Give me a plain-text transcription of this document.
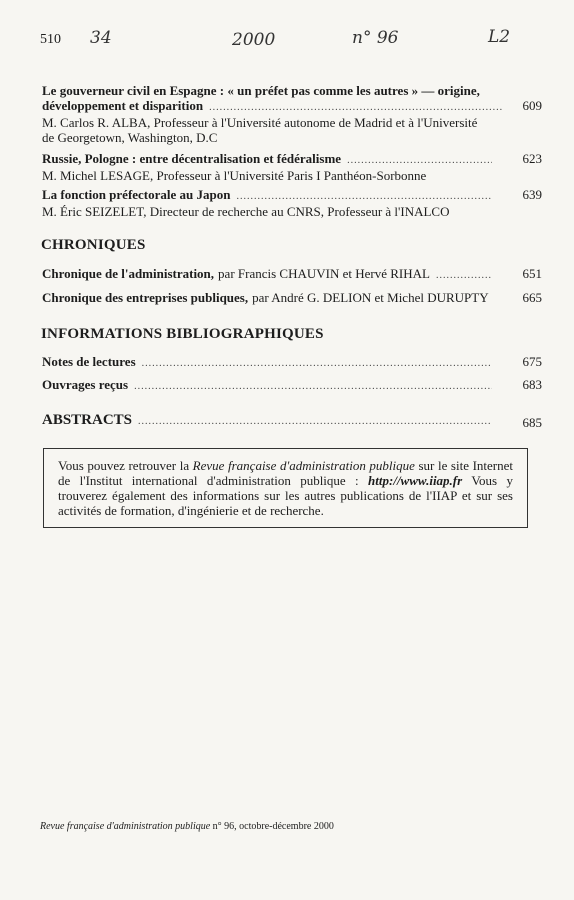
510 34	2000	n° 96	L2
Le gouverneur civil en Espagne : « un préfet pas comme les autres » — origine,
développement et disparition .....	609
M. Carlos R. ALBA, Professeur à l'Université autonome de Madrid et à l'Université de Georgetown, Washington, D.C
Russie, Pologne : entre décentralisation et fédéralisme .....	623
M. Michel LESAGE, Professeur à l'Université Paris I Panthéon-Sorbonne
La fonction préfectorale au Japon .....	639
M. Éric SEIZELET, Directeur de recherche au CNRS, Professeur à l'INALCO
CHRONIQUES
Chronique de l'administration, par Francis CHAUVIN et Hervé RIHAL .....	651
Chronique des entreprises publiques, par André G. DELION et Michel DURUPTY	665
INFORMATIONS BIBLIOGRAPHIQUES
Notes de lectures .....	675
Ouvrages reçus .....	683
ABSTRACTS .....	685
Vous pouvez retrouver la Revue française d'administration publique sur le site Internet de l'Institut international d'administration publique : http://www.iiap.fr Vous y trouverez également des informations sur les autres publications de l'IIAP et sur ses activités de formation, d'ingénierie et de recherche.
Revue française d'administration publique n° 96, octobre-décembre 2000
